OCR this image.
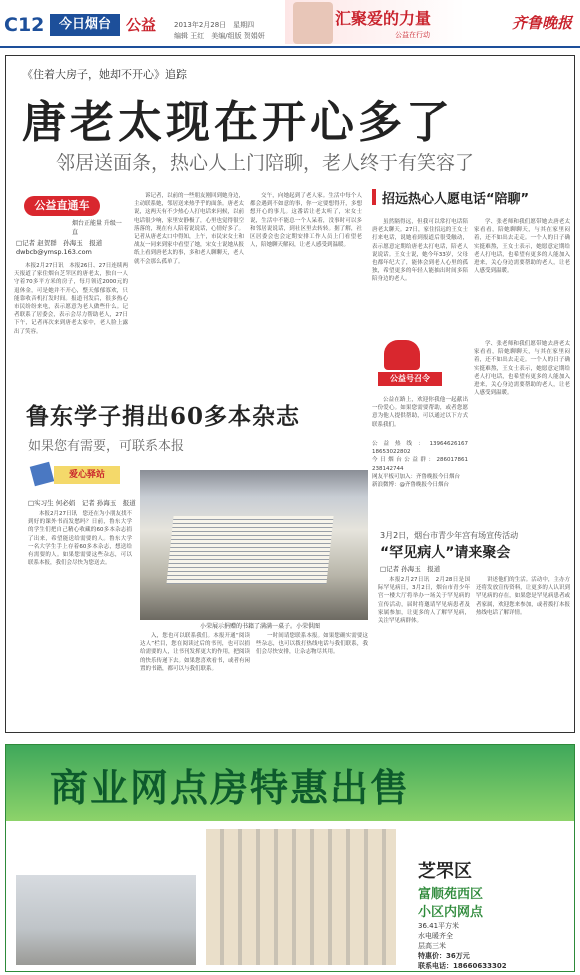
C12	今日烟台	公益	2013年2月28日　星期四
编辑 王红　美编/组版 贺娟妍
汇聚爱的力量
公益在行动
齐鲁晚报
《住着大房子，她却不开心》追踪
唐老太现在开心多了
邻居送面条，热心人上门陪聊，老人终于有笑容了
公益直通车
烟台正能量 升级一直
□记者 赵贺群　孙海玉　报道
dwbcb@ymsp.163.com

本报2月27日讯　本报26日、27日连续两天报道了家住烟台芝罘区的唐老太，独自一人守着70多平方米的房子，每月领近2000元的退休金，可是她并不开心，整天郁郁寡欢，只能靠收音机打发时间。报道刊发后，很多热心市民纷纷来电，表示愿意为老人做些什么。记者联系了居委会，表示会尽力帮助老人，27日下午，记者再次来到唐老太家中，老人脸上露出了笑容。

诉记者，以前的一些朋友刚回到她身边，主动联系她，邻居送来热乎乎的面条。唐老太说，这两天有不少热心人打电话来问候，以前电话很少响，家里安静极了，心里也觉得很空落落的，现在有人陪着说说话，心情好多了。记者从唐老太口中得知，上午，市民宋女士和战友一同来到家中看望了她，宋女士说她从报纸上看到唐老太的事，多和老人聊聊天，老人就不会那么孤单了。

交午，向她起到了老人家。生活中每个人都会遇到不如意的事，你一定要想得开，多想想开心的事儿。这番话让老太听了，宋女士说，生活中不能总一个人呆着，没事时可以多和邻居说说话，到社区里去转转。据了解，社区居委会也会定期安排工作人员上门看望老人，陪她聊天解闷，让老人感受到温暖。

招远热心人愿电话“陪聊”

虽然隔得远，但我可以常打电话陪唐老太聊天。27日，家住招远的王女士打来电话，说她看到报道后很受触动，表示愿意定期给唐老太打电话，陪老人说说话。王女士说，她今年33岁，父母也都年纪大了，能体会到老人心里的孤独，希望更多的年轻人能抽出时间多陪陪身边的老人。

学、张老师和我们愿带她去唐老太家看看，陪她聊聊天，与其在家里闷着，还不如出去走走。一个人的日子确实挺难熬，王女士表示，她愿意定期给老人打电话，也希望有更多的人能加入进来，关心身边需要帮助的老人，让老人感受到温暖。

公益号召令

公益在路上，欢迎你我他一起献出一份爱心。如果您需要帮助，或者您愿意为他人提供帮助，可以通过以下方式联系我们。

公益热线：13964626167 18653022802
今日烟台公益群：286017861 238142744
网友平板可加入：齐鲁晚报今日烟台
新浪微博：@齐鲁晚报今日烟台

学、张老师和我们愿带她去唐老太家看看，陪她聊聊天，与其在家里闷着，还不如出去走走。一个人的日子确实挺难熬，王女士表示，她愿意定期给老人打电话，也希望有更多的人能加入进来，关心身边需要帮助的老人，让老人感受到温暖。

鲁东学子捐出60多本杂志
如果您有需要，可联系本报
爱心驿站
□实习生 何必娟　记者 孙海玉　报道

本报2月27日讯　您还在为小朋友找不到好的课外书而发愁吗？日前，鲁东大学的学生们把自己精心收藏的60多本杂志捐了出来，希望能送给需要的人。鲁东大学一名大学生手上存着60多本杂志，想送给有需要的人。如果您需要这些杂志，可以联系本报，我们会尽快为您送去。

小荣展示捐赠的书籍了满满一桌子。小荣供图

入，您也可以联系我们。本报开通“阅读达人”栏目，您在阅读过后的书刊，也可以捐给需要的人，让书刊发挥更大的作用，把阅读的快乐传递下去。如果您喜欢看书，或者有闲置的书籍，都可以与我们联系。

一时间请您联系本报。如果您确实需要这些杂志，也可以拨打热线电话与我们联系，我们会尽快安排，让杂志物尽其用。

3月2日，烟台市青少年宫有场宣传活动
“罕见病人”请来聚会
□记者 孙海玉　报道

本报2月27日讯　2月28日是国际罕见病日，3月2日，烟台市青少年宫一楼大厅将举办一场关于罕见病的宣传活动，届时将邀请罕见病患者及家属参加，让更多的人了解罕见病，关注罕见病群体。

讲述他们的生活。活动中，主办方还将发放宣传资料，让更多的人认识到罕见病的存在，如果您是罕见病患者或者家属，欢迎您来参加，或者拨打本报热线电话了解详情。

商业网点房特惠出售
芝罘区
富顺苑西区
小区内网点
36.41平方米
水电暖齐全
层高三米
特惠价：36万元
联系电话：18660633302
